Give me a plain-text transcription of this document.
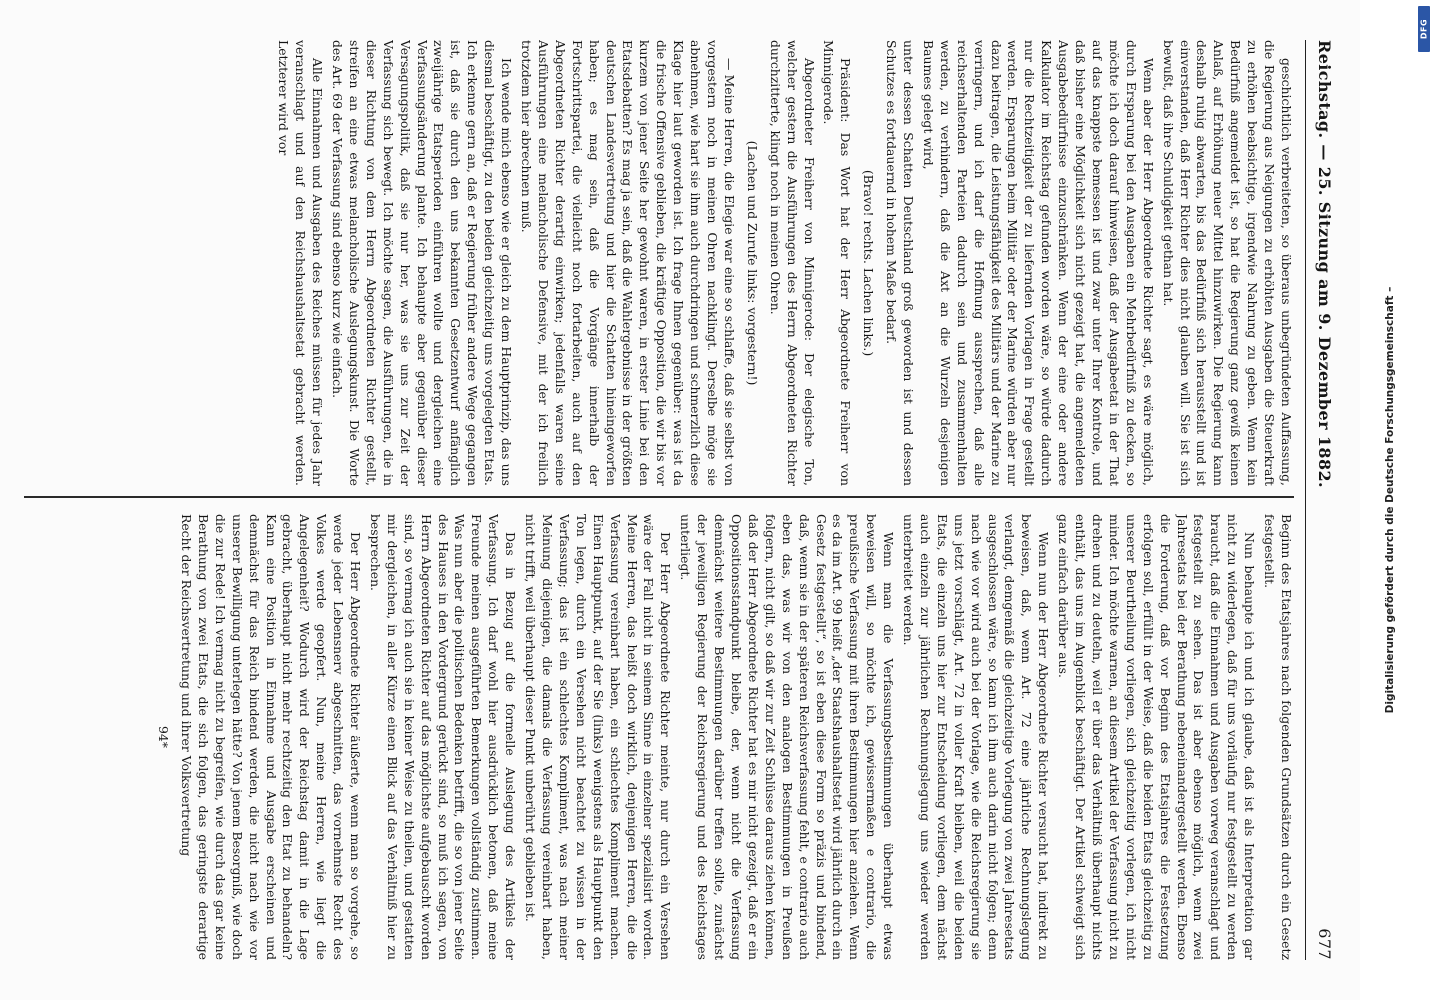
Reichstag. — 25. Sitzung am 9. Dezember 1882.
677

geschichtlich verbreiteten, so überaus unbegründeten Auffassung, die Regierung aus Neigungen zu erhöhten Ausgaben die Steuerkraft zu erhöhen beabsichtige, irgendwie Nahrung zu geben. Wenn kein Bedürfniß angemeldet ist, so hat die Regierung ganz gewiß keinen Anlaß, auf Erhöhung neuer Mittel hinzuwirken. Die Regierung kann deshalb ruhig abwarten, bis das Bedürfniß sich herausstellt und ist einverstanden, daß Herr Richter dies nicht glauben will. Sie ist sich bewußt, daß ihre Schuldigkeit gethan hat.

Wenn aber der Herr Abgeordnete Richter sagt, es wäre möglich, durch Ersparung bei den Ausgaben ein Mehrbedürfniß zu decken, so möchte ich doch darauf hinweisen, daß der Ausgabeetat in der That auf das knappste bemessen ist und zwar unter Ihrer Kontrole, und daß bisher eine Möglichkeit sich nicht gezeigt hat, die angemeldeten Ausgabebedürfnisse einzuschränken. Wenn der eine oder andere Kalkulator im Reichstag gefunden worden wäre, so würde dadurch nur die Rechtzeitigkeit der zu liefernden Vorlagen in Frage gestellt werden. Ersparungen beim Militär oder der Marine würden aber nur dazu beitragen, die Leistungsfähigkeit des Militärs und der Marine zu verringern, und ich darf die Hoffnung aussprechen, daß alle reichserhaltenden Parteien dadurch sein und zusammenhalten werden, zu verhindern, daß die Axt an die Wurzeln desjenigen Baumes gelegt wird,

unter dessen Schatten Deutschland groß geworden ist und dessen Schutzes es fortdauernd in hohem Maße bedarf.

(Bravo! rechts. Lachen links.)

Präsident: Das Wort hat der Herr Abgeordnete Freiherr von Minnigerode.

Abgeordneter Freiherr von Minnigerode: Der elegische Ton, welcher gestern die Ausführungen des Herrn Abgeordneten Richter durchzitterte, klingt noch in meinen Ohren.

(Lachen und Zurufe links: vorgestern!)

— Meine Herren, die Elegie war eine so schlaffe, daß sie selbst von vorgestern noch in meinen Ohren nachklingt. Derselbe möge sie abnehmen, wie hart sie ihm auch durchdringen und schmerzlich diese Klage hier laut geworden ist. Ich frage Ihnen gegenüber: was ist da die frische Offensive geblieben, die kräftige Opposition, die wir bis vor kurzem von jener Seite her gewohnt waren, in erster Linie bei den Etatsdebatten? Es mag ja sein, daß die Wahlergebnisse in der größten deutschen Landesvertretung und hier die Schatten hineingeworfen haben; es mag sein, daß die Vorgänge innerhalb der Fortschrittspartei, die vielleicht noch fortarbeiten, auch auf den Abgeordneten Richter derartig einwirken; jedenfalls waren seine Ausführungen eine melancholische Defensive, mit der ich freilich trotzdem hier abrechnen muß.

Ich wende mich ebenso wie er gleich zu dem Hauptprinzip, das uns diesmal beschäftigt, zu den beiden gleichzeitig uns vorgelegten Etats. Ich erkenne gern an, daß er Regierung früher andere Wege gegangen ist, daß sie durch den uns bekannten Gesetzentwurf anfänglich zweijährige Etatsperioden einführen wollte und dergleichen eine Verfassungsänderung plante. Ich behaupte aber gegenüber dieser Versagungspolitik, daß sie nur her, was sie uns zur Zeit der Verfassung sich bewegt. Ich möchte sagen, die Ausführungen, die in dieser Richtung von dem Herrn Abgeordneten Richter gestellt, streifen an eine etwas melancholische Auslegungskunst. Die Worte des Art. 69 der Verfassung sind ebenso kurz wie einfach.

Alle Einnahmen und Ausgaben des Reiches müssen für jedes Jahr veranschlagt und auf den Reichshaushaltsetat gebracht werden. Letzterer wird vor

Beginn des Etatsjahres nach folgenden Grundsätzen durch ein Gesetz festgestellt.

Nun behaupte ich und ich glaube, daß ist als Interpretation gar nicht zu widerlegen, daß für uns vorläufig nur festgestellt zu werden braucht, daß die Einnahmen und Ausgaben vorweg veranschlagt und festgestellt zu sehen. Das ist aber ebenso möglich, wenn zwei Jahresetats bei der Berathung nebeneinandergestellt werden. Ebenso die Forderung, daß vor Beginn des Etatsjahres die Festsetzung erfolgen soll, erfüllt in der Weise, daß die beiden Etats gleichzeitig zu unserer Beurtheilung vorliegen, sich gleichzeitig vorlegen, ich nicht minder. Ich möchte warnen, an diesem Artikel der Verfassung nicht zu drehen und zu deuteln, weil er über das Verhältniß überhaupt nichts enthält, das uns im Augenblick beschäftigt. Der Artikel schweigt sich ganz einfach darüber aus.

Wenn nun der Herr Abgeordnete Richter versucht hat, indirekt zu beweisen, daß, wenn Art. 72 eine jährliche Rechnungslegung verlangt, demgemäß die gleichzeitige Vorlegung von zwei Jahresetats ausgeschlossen wäre, so kann ich ihm auch darin nicht folgen; denn nach wie vor wird auch bei der Vorlage, wie die Reichsregierung sie uns jetzt vorschlägt, Art. 72 in voller Kraft bleiben, weil die beiden Etats, die einzeln uns hier zur Entscheidung vorliegen, dem nächst auch einzeln zur jährlichen Rechnungslegung uns wieder werden unterbreitet werden.

Wenn man die Verfassungsbestimmungen überhaupt etwas beweisen will, so möchte ich, gewissermaßen e contrario, die preußische Verfassung mit ihren Bestimmungen hier anziehen. Wenn es da im Art. 99 heißt „der Staatshaushaltsetat wird jährlich durch ein Gesetz festgestellt“, so ist eben diese Form so präzis und bindend, daß, wenn sie in der späteren Reichsverfassung fehlt, e contrario auch eben das, was wir von den analogen Bestimmungen in Preußen folgern, nicht gilt, so daß wir zur Zeit Schlüsse daraus ziehen können, daß der Herr Abgeordnete Richter hat es mir nicht gezeigt, daß er ein Oppositionsstandpunkt bleibe, der, wenn nicht die Verfassung demnächst weitere Bestimmungen darüber treffen sollte, zunächst der jeweiligen Regierung der Reichsregierung und des Reichstages unterliegt.

Der Herr Abgeordnete Richter meinte, nur durch ein Versehen wäre der Fall nicht in seinem Sinne in einzelner spezialisirt worden. Meine Herren, das heißt doch wirklich, denjenigen Herren, die die Verfassung vereinbart haben, ein schlechtes Kompliment machen. Einen Hauptpunkt, auf der Sie (links) wenigstens als Hauptpunkt den Ton legen, durch ein Versehen nicht beachtet zu wissen in der Verfassung; das ist ein schlechtes Kompliment, was nach meiner Meinung diejenigen, die damals die Verfassung vereinbart haben, nicht trifft, weil überhaupt dieser Punkt unberührt geblieben ist.

Das in Bezug auf die formelle Auslegung des Artikels der Verfassung. Ich darf wohl hier ausdrücklich betonen, daß meine Freunde meinen ausgeführten Bemerkungen vollständig zustimmen. Was nun aber die politischen Bedenken betrifft, die so von jener Seite des Hauses in den Vordergrund gerückt sind, so muß ich sagen, von Herrn Abgeordneten Richter auf das möglichste aufgebauscht worden sind, so vermag ich auch sie in keiner Weise zu theilen, und gestatten mir dergleichen, in aller Kürze einen Blick auf das Verhältniß hier zu besprechen.

Der Herr Abgeordnete Richter äußerte, wenn man so vorgehe, so werde jeder Lebensnerv abgeschnitten, das vornehmste Recht des Volkes werde geopfert. Nun, meine Herren, wie liegt die Angelegenheit? Wodurch wird der Reichstag damit in die Lage gebracht, überhaupt nicht mehr rechtzeitig den Etat zu behandeln? Kann eine Position in Einnahme und Ausgabe erscheinen und demnächst für das Reich bindend werden, die nicht nach wie vor unserer Bewilligung unterlegen hätte? Von jenem Besorgniß, wie doch die zur Rede! Ich vermag nicht zu begreifen, wie durch das gar keine Berathung von zwei Etats, die sich folgen, das geringste derartige Recht der Reichsvertretung und ihrer Volksvertretung

94*

Digitalisierung gefördert durch die Deutsche Forschungsgemeinschaft –
DFG
